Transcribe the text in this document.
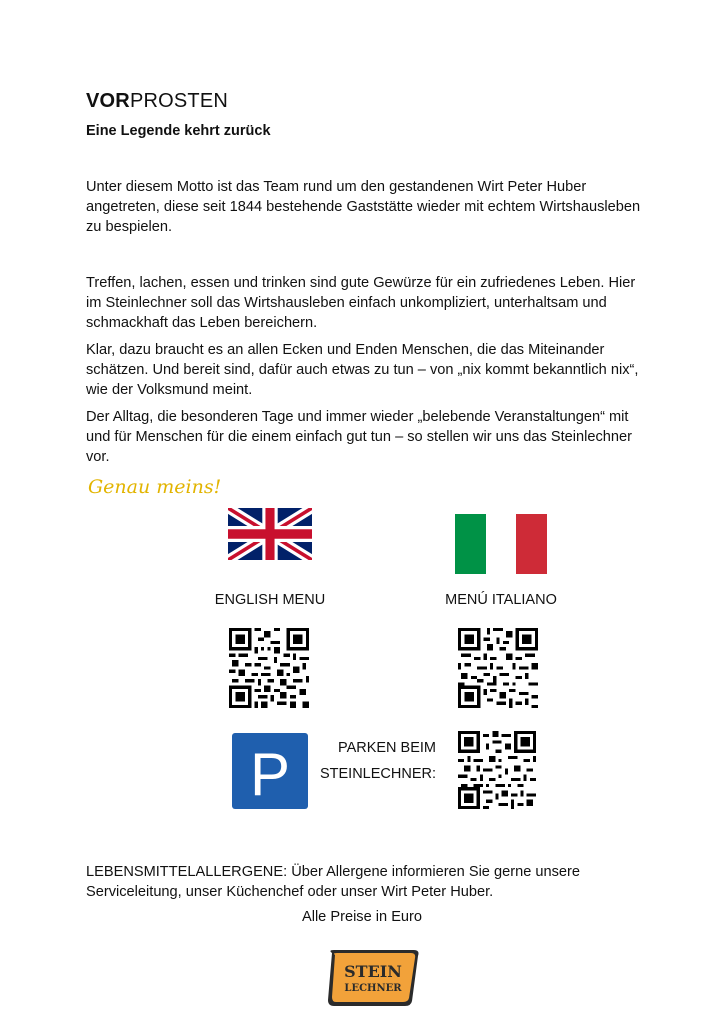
VORPROSTEN
Eine Legende kehrt zurück
Unter diesem Motto ist das Team rund um den gestandenen Wirt Peter Huber angetreten, diese seit 1844 bestehende Gaststätte wieder mit echtem Wirtshausleben zu bespielen.
Treffen, lachen, essen und trinken sind gute Gewürze für ein zufriedenes Leben. Hier im Steinlechner soll das Wirtshausleben einfach unkompliziert, unterhaltsam und schmackhaft das Leben bereichern.
Klar, dazu braucht es an allen Ecken und Enden Menschen, die das Miteinander schätzen. Und bereit sind, dafür auch etwas zu tun – von „nix kommt bekanntlich nix“, wie der Volksmund meint.
Der Alltag, die besonderen Tage und immer wieder „belebende Veranstaltungen“ mit und für Menschen für die einem einfach gut tun – so stellen wir uns das Steinlechner vor.
Genau meins!
ENGLISH MENU	MENÚ ITALIANO
P	PARKEN BEIM
STEINLECHNER:
LEBENSMITTELALLERGENE: Über Allergene informieren Sie gerne unsere Serviceleitung, unser Küchenchef oder unser Wirt Peter Huber.
Alle Preise in Euro
STEIN
LECHNER
